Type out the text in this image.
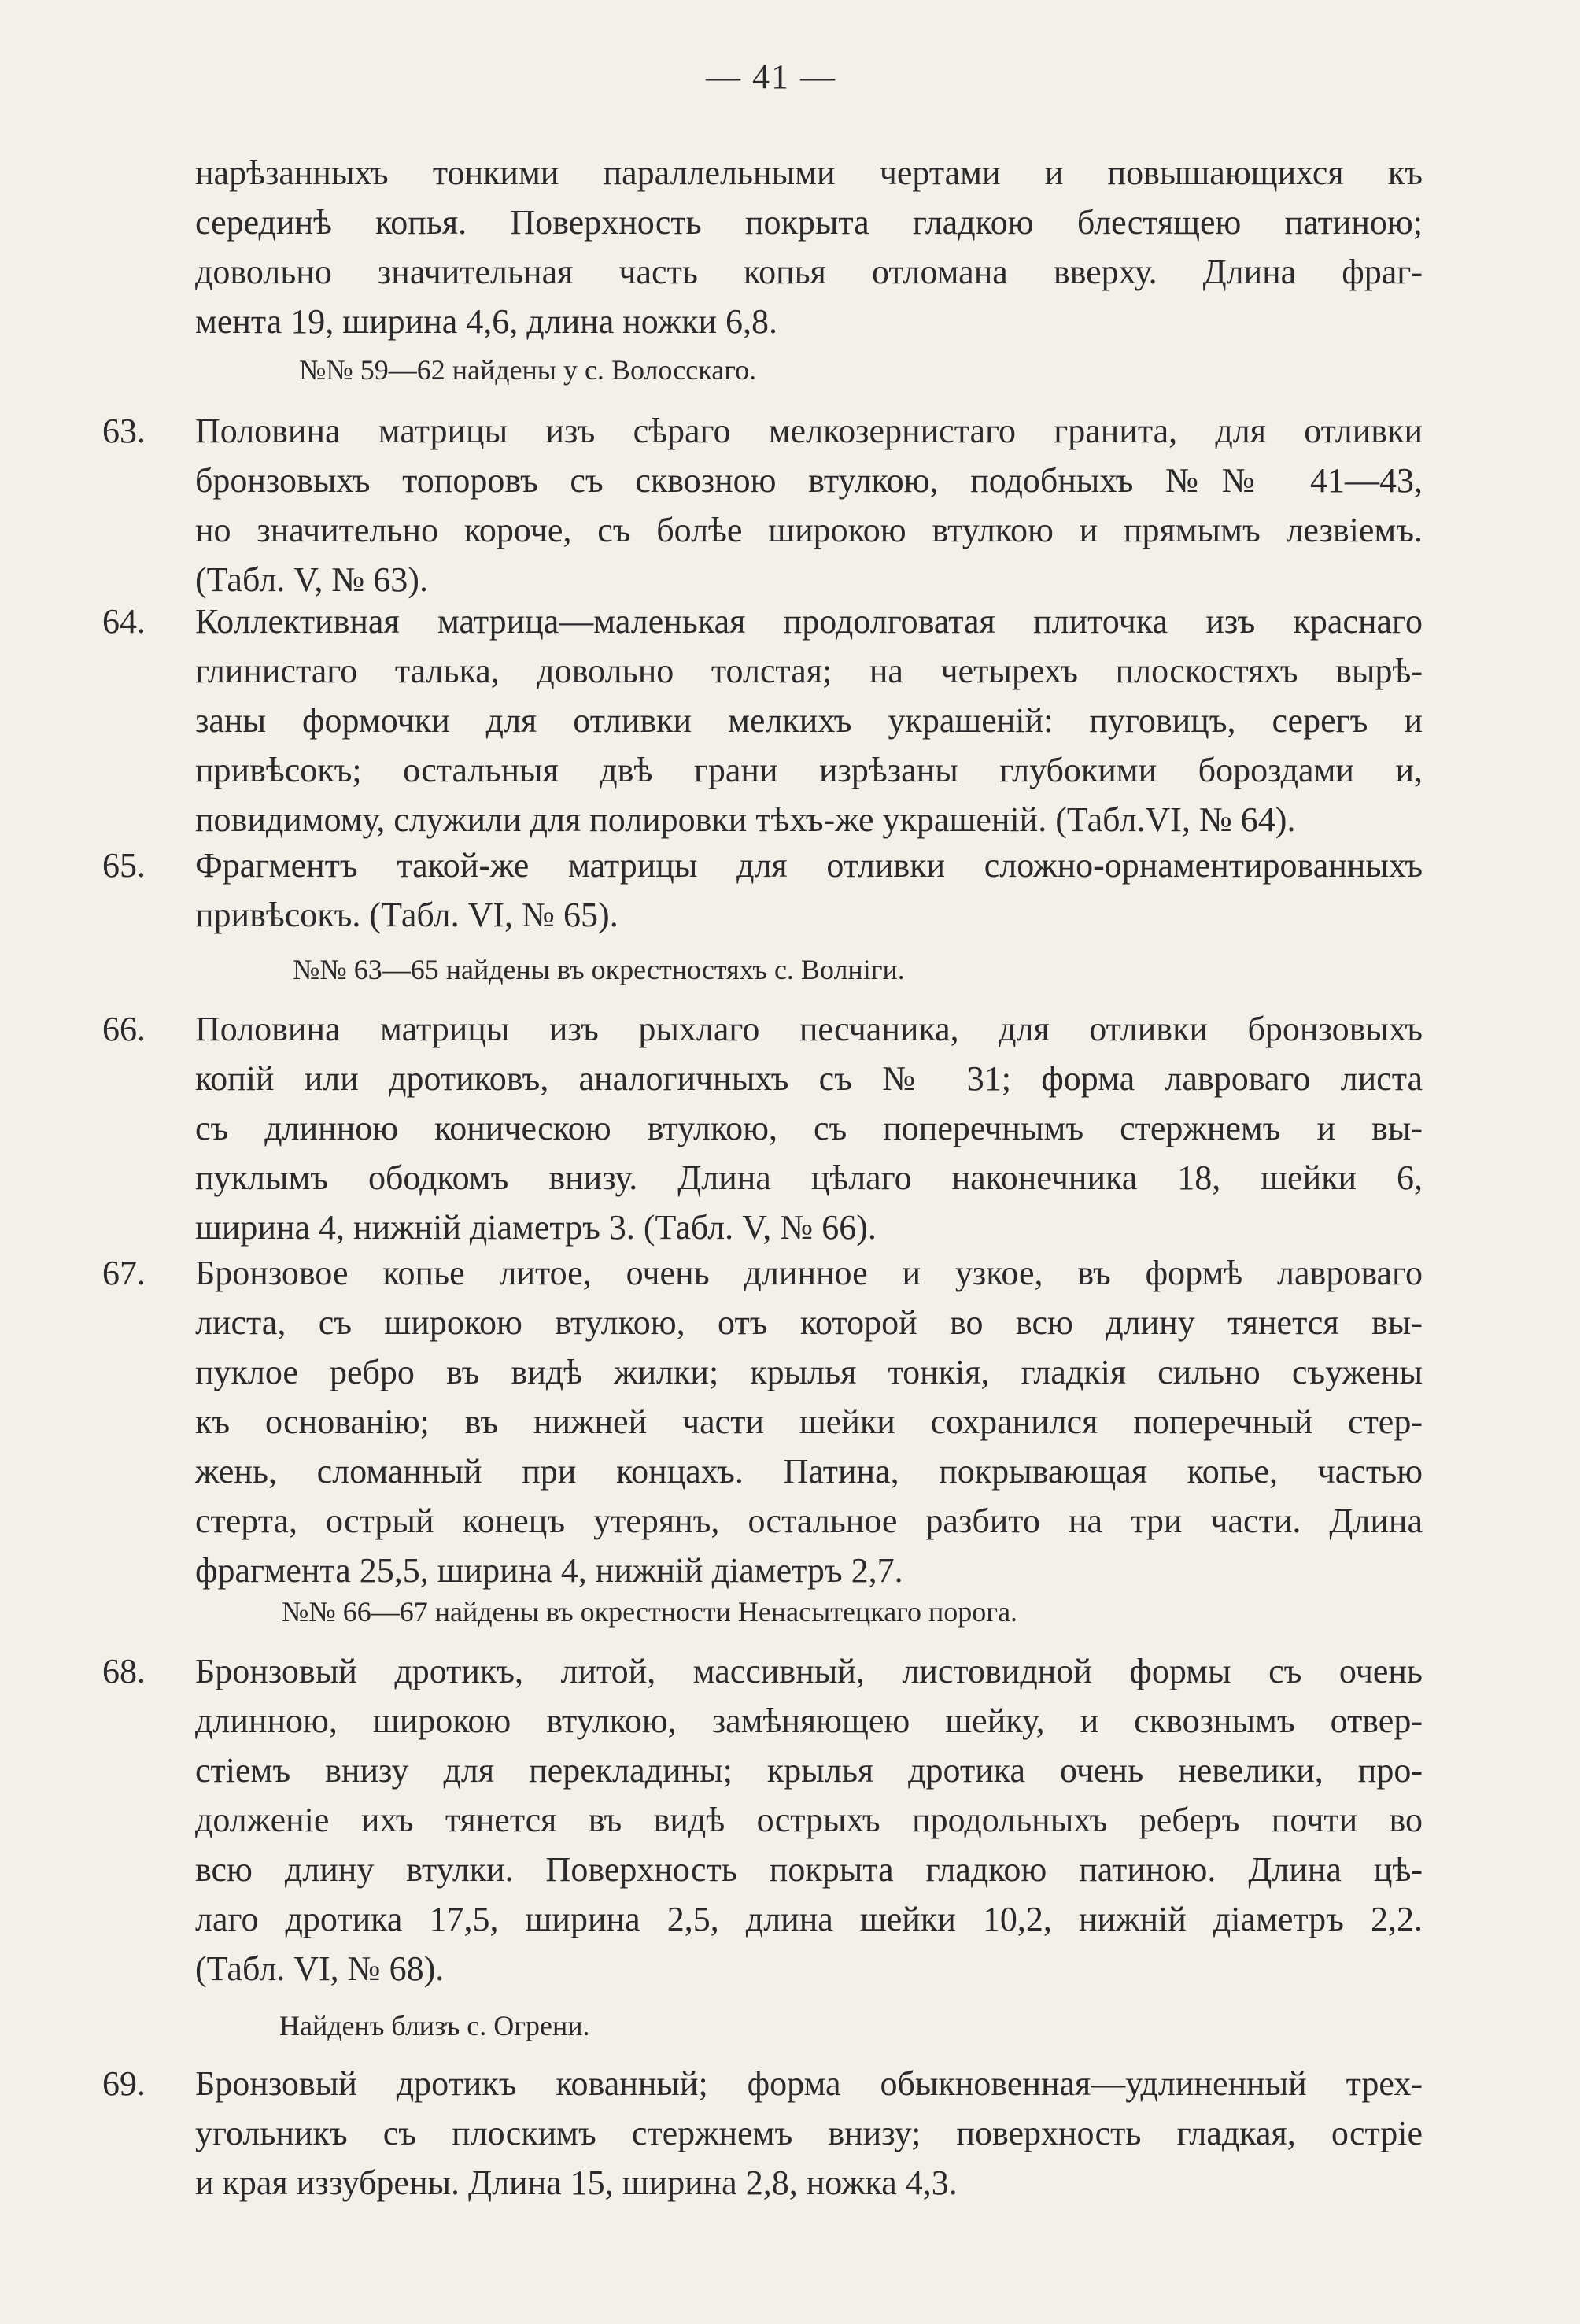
— 41 —
нарѣзанныхъ тонкими параллельными чертами и повышающихся къ
серединѣ копья. Поверхность покрыта гладкою блестящею патиною;
довольно значительная часть копья отломана вверху. Длина фраг-
мента 19, ширина 4,6, длина ножки 6,8.
№№ 59—62 найдены у с. Волосскаго.
63.	Половина матрицы изъ сѣраго мелкозернистаго гранита, для отливки
бронзовыхъ топоровъ съ сквозною втулкою, подобныхъ №№ 41—43,
но значительно короче, съ болѣе широкою втулкою и прямымъ лезвiемъ.
(Табл. V, № 63).
64.	Коллективная матрица—маленькая продолговатая плиточка изъ краснаго
глинистаго талька, довольно толстая; на четырехъ плоскостяхъ вырѣ-
заны формочки для отливки мелкихъ украшенiй: пуговицъ, серегъ и
привѣсокъ; остальныя двѣ грани изрѣзаны глубокими бороздами и,
повидимому, служили для полировки тѣхъ-же украшенiй. (Табл.VI, № 64).
65.	Фрагментъ такой-же матрицы для отливки сложно-орнаментированныхъ
привѣсокъ. (Табл. VI, № 65).
№№ 63—65 найдены въ окрестностяхъ с. Волнiги.
66.	Половина матрицы изъ рыхлаго песчаника, для отливки бронзовыхъ
копiй или дротиковъ, аналогичныхъ съ № 31; форма лавроваго листа
съ длинною коническою втулкою, съ поперечнымъ стержнемъ и вы-
пуклымъ ободкомъ внизу. Длина цѣлаго наконечника 18, шейки 6,
ширина 4, нижнiй дiаметръ 3. (Табл. V, № 66).
67.	Бронзовое копье литое, очень длинное и узкое, въ формѣ лавроваго
листа, съ широкою втулкою, отъ которой во всю длину тянется вы-
пуклое ребро въ видѣ жилки; крылья тонкiя, гладкiя сильно съужены
къ основанiю; въ нижней части шейки сохранился поперечный стер-
жень, сломанный при концахъ. Патина, покрывающая копье, частью
стерта, острый конецъ утерянъ, остальное разбито на три части. Длина
фрагмента 25,5, ширина 4, нижнiй дiаметръ 2,7.
№№ 66—67 найдены въ окрестности Ненасытецкаго порога.
68.	Бронзовый дротикъ, литой, массивный, листовидной формы съ очень
длинною, широкою втулкою, замѣняющею шейку, и сквознымъ отвер-
стiемъ внизу для перекладины; крылья дротика очень невелики, про-
долженiе ихъ тянется въ видѣ острыхъ продольныхъ реберъ почти во
всю длину втулки. Поверхность покрыта гладкою патиною. Длина цѣ-
лаго дротика 17,5, ширина 2,5, длина шейки 10,2, нижнiй дiаметръ 2,2.
(Табл. VI, № 68).
Найденъ близъ с. Огрени.
69.	Бронзовый дротикъ кованный; форма обыкновенная—удлиненный трех-
угольникъ съ плоскимъ стержнемъ внизу; поверхность гладкая, острiе
и края иззубрены. Длина 15, ширина 2,8, ножка 4,3.
